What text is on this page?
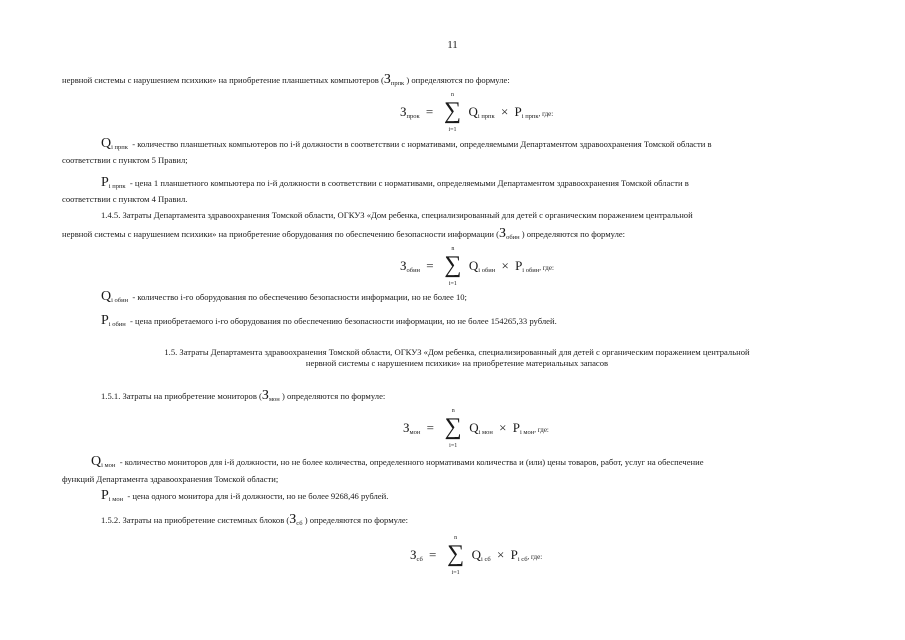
11
нервной системы с нарушением психики» на приобретение планшетных компьютеров ($З_{прпк}$ ) определяются по формуле:
Зпрок  =
n
∑
i=1
Qi прпк  ×  Pi прпк, где:
$Q_{i прпк}$ - количество планшетных компьютеров по i-й должности в соответствии с нормативами, определяемыми Департаментом здравоохранения Томской области в
соответствии с пунктом 5 Правил;
$P_{i прпк}$ - цена 1 планшетного компьютера по i-й должности в соответствии с нормативами, определяемыми Департаментом здравоохранения Томской области в
соответствии с пунктом 4 Правил.
1.4.5. Затраты Департамента здравоохранения Томской области, ОГКУЗ «Дом ребенка, специализированный для детей с органическим поражением центральной
нервной системы с нарушением психики» на приобретение оборудования по обеспечению безопасности информации ($З_{обин}$ ) определяются по формуле:
Зобин  =
n
∑
i=1
Qi обин  ×  Pi обин, где:
$Q_{i обин}$ - количество i-го оборудования по обеспечению безопасности информации, но не более 10;
$P_{i обин}$ - цена приобретаемого i-го оборудования по обеспечению безопасности информации, но не более 154265,33 рублей.
1.5. Затраты Департамента здравоохранения Томской области, ОГКУЗ «Дом ребенка, специализированный для детей с органическим поражением центральной
нервной системы с нарушением психики» на приобретение материальных запасов
1.5.1. Затраты на приобретение мониторов ($З_{мон}$ ) определяются по формуле:
Змон  =
n
∑
i=1
Qi мон  ×  Pi мон, где:
$Q_{i мон}$ - количество мониторов для i-й должности, но не более количества, определенного нормативами количества и (или) цены товаров, работ, услуг на обеспечение
функций Департамента здравоохранения Томской области;
$P_{i мон}$ - цена одного монитора для i-й должности, но не более 9268,46 рублей.
1.5.2. Затраты на приобретение системных блоков ($З_{сб}$ ) определяются по формуле:
Зсб  =
n
∑
i=1
Qi сб  ×  Pi сб, где:
